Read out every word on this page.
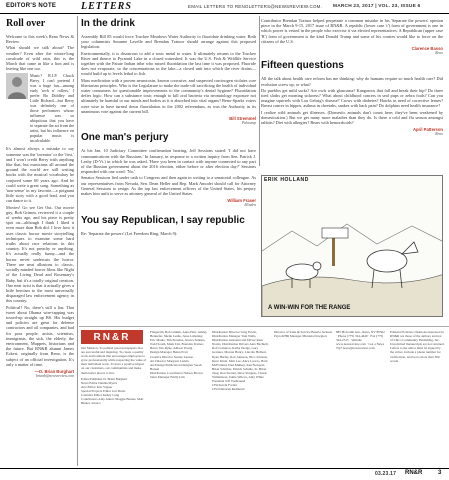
EDITOR'S NOTE LETTERS	EMAIL LETTERS TO RENOLETTERS@NEWSREVIEW.COM. MARCH 23, 2017 | VOL. 23, ISSUE 6
Roll over

Welcome to this week's Reno News & Review.

What should we talk about? The weather? Even after the winter-long cavalcade of wild rain, this is the March that came in like a lion and is leaving like one too.

Music? R.I.P. Chuck Berry. I can't pretend I was a huge fan—among early 'rock n' rollers,' I prefer Bo Diddley and Little Richard—but Berry was definitely one of those performers whose influence was so ubiquitous that you have to separate the art from the artist, but his influence on popular music is incalculable.

It's almost always a mistake to say someone was the 'inventor' or the 'first,' and I won't credit Berry with anything like that, but musicians all around the ground the world are still writing books with the musical vocabulary he conjured some 60 years ago. And he could write a great song. Something as 'non-sense' in my favorite—a poignant little story with a good lead, and you can dance to it.

Movies! Go see Get Out. Our movie guy, Bob Grimm, reviewed it a couple of weeks ago, and his piece is pretty spot on—although I think I liked it even more than Bob did. I love how it uses classic horror movie storytelling techniques to examine some hard truths about race relations in this country. It's not preachy or anything. It's actually really funny—and the horror never undercuts the horror. There are neat allusions to classic, socially minded horror films like Night of the Living Dead and Rosemary's Baby, but it's a totally original creation. One neat twist is that it actually gives a little heroism to the most universally disparaged law enforcement agency in this country.

Political? No, there's still a liar. That tweet about Obama wire-tapping was tossed-up straight up BS. His budget and policies are great for defense contractors and oil companies, and bad for poor people, artists, scientists, immigrants, the sick, the elderly, the environment, Muppets, historians and the future. But RN&R alumni James Eckert, originally from Reno, is the subject of an official investigation. It's only a matter of time.

—D. Brian Burghart
brianb@newsreview.com
In the drink

Assembly Bill 85 would force Truckee Meadows Water Authority to fluoridate drinking water. Both your columnists Susanne Lavelle and Brendan Trainor should arrange against this proposed legislation.

Environmentally, it is disastrous to add a toxic metal to water. It ultimately returns to the Truckee River and thence to Pyramid Lake in a closed watershed. It was the U.S. Fish & Wildlife Service together with the Paiute Indian tribe who mixed fluoridation the last time it was proposed. Fluoride does not evaporate, so the concentrations in the lake—a closed unit into which the river drains—would build up to levels lethal to fish.

Mass medication with a proven neurotoxin, known corrosive, and suspected carcinogen violates core libertarian principles. Who is the Legislature to make the trade-off sacrificing the health of individual water consumers for questionable improvements to the community's dental hygiene? Fluoridation defies logic. How can a substance toxic enough to kill oral bacteria via neonatology exposure not ultimately be harmful to our minds and bodies as it is absorbed into vital organs? Reno-Sparks voters were wise to have turned down fluoridation in the 2002 referendum, as was the Authority in its unanimous vote against the current bill.

Bill Stremmel
Pahrump
One man's perjury

At his Jan. 10 Judiciary Committee confirmation hearing, Jeff Sessions stated: 'I did not have communications with the Russians.' In January, in response to a written inquiry from Sen. Patrick J. Leahy (D-Vt.) in which he was asked, 'Have you been in contact with anyone connected to any part of the Russian government about the 2016 election, either before or after election day?' Sessions responded with one word: 'No.'

Senator Sessions lied under oath to Congress and then again in writing to a senatorial colleague. As our representatives from Nevada, Sen. Dean Heller and Rep. Mark Amodei should call for Attorney General Sessions to resign. As the top law enforcement officers of the United States, his perjury makes him unfit to serve as attorney general of the United States.

William Fraser
Minden
You say Republican, I say republic

Re: 'Separate the powers' (Let Freedom Ring, March 9):

Contributor Brendan Trainor helped perpetrate a common mistake in his 'Separate the powers' opinion piece in the March 9-15, 2017 issue of RN&R. A republic (lower case 'r') form of government is one in which power is vested in the people who exercise it via elected representatives. A Republican (upper case 'R') form of government is the kind Donald Trump and some of his cronies would like to force on the citizens of the U.S.

Clarence Basso
Reno
Fifteen questions

All the talk about health care reform has me thinking: why do humans require so much health care? Did evolution screw up, or what?

Do pueblos get mild sacks? Are owls with glaucoma? Kangaroos that fall and break their hip? Do three toed sloths get morning sickness? What about childhood cancers in seal pups or zebra foals? Can you imagine squirrels with Lou Gehrig's disease? Crows with diabetes? Hawks in need of corrective lenses? Breast cancer in hippos, asthma in cheetahs, snakes with back pain? Do dolphins need health insurance?

I realize wild animals get illnesses. (Domestic animals don't count here; they've been weakened by domestication.) But we get many more maladies than they do. Is there a cold and flu season amongst rabbits? Diet with allergies? Bears with hemorrhoids?

April Patterson
Reno
ERIK HOLLAND
A WIN-WIN FOR THE RANGE
RN&R
Our Mission: To publish great newspapers that are successful and inspiring. To create a quality work environment that encourages employees to grow professionally while respecting the value of their individual work. To have a positive impact on our customers, our communities and make them better places to live.
Editor/Publisher D. Brian Burghart
News Editor Dennis Myers
Arts Editor Kris Vagner
Special Projects Editor Jeri Davis
Calendar Editor Kelley Lang
Contributors Amy Alkon, Maggie Barnes, Matt Bieker, Jessica
Fitzgerald, Bob Grimm, Anna Hart, Ashley Hennefer, Sheila Leslie, Jesse Lubetsky, Eric Marks, Tim Prentiss, Jessica Santina, Todd South, Mark Tait, Brendan Trainor, Bruce Van Dyke, Allison Young
Design Manager Helen Pratt
Creative Director Serene Lusano
Art Director Margaret Larkin
Art/Design Publication Designer Sarah Hansel
Distribution Coordinator Nelson Brown
Sales Manager Emily Lim
Distribution Director Greg Erwin, Distribution Manager Tom Wells, Distribution Assistant and Driver Russ Norris, Distribution Drivers Alex Bachtell, Rob Compton, Kathy Dodge, Gary Granner, Marcus Henry, Lincoln Hulbert, Ryan Hurley, Rob Johnson, Nico Johnson, Dave Kintz, Matt Lee, Alice Lucero, Barb McFarland, Paul Mulkey, Ken Newport, Brian Schriber, Patrick Schulte, Sr. Brian Tang, Ron Sterner, Dave Sturgess, Chuck Williamson, Jaime Wilcox, Amy White
President Jeff VonKaenel
CFO Kevin Fortier
CEO Deborah Redmond
Director of Sales & Service Beatriz Jackson
Payroll/HR Manager Miranda Dowgiert
885 Holcomb Ave., Reno, NV 89502 · Phone (775) 324-4440 · Fax (775) 324-2515 · Website www.newsreview.com · Got a News Tip? news@newsreview.com
Editorial Policies: Opinions expressed in RN&R are those of the authors and not of Chico Community Publishing, Inc. Unsolicited manuscripts are not returned. Letters to the editor must be signed by the writer, include a phone number for verification, and be no more than 300 words.
03.23.17 RN&R	3
